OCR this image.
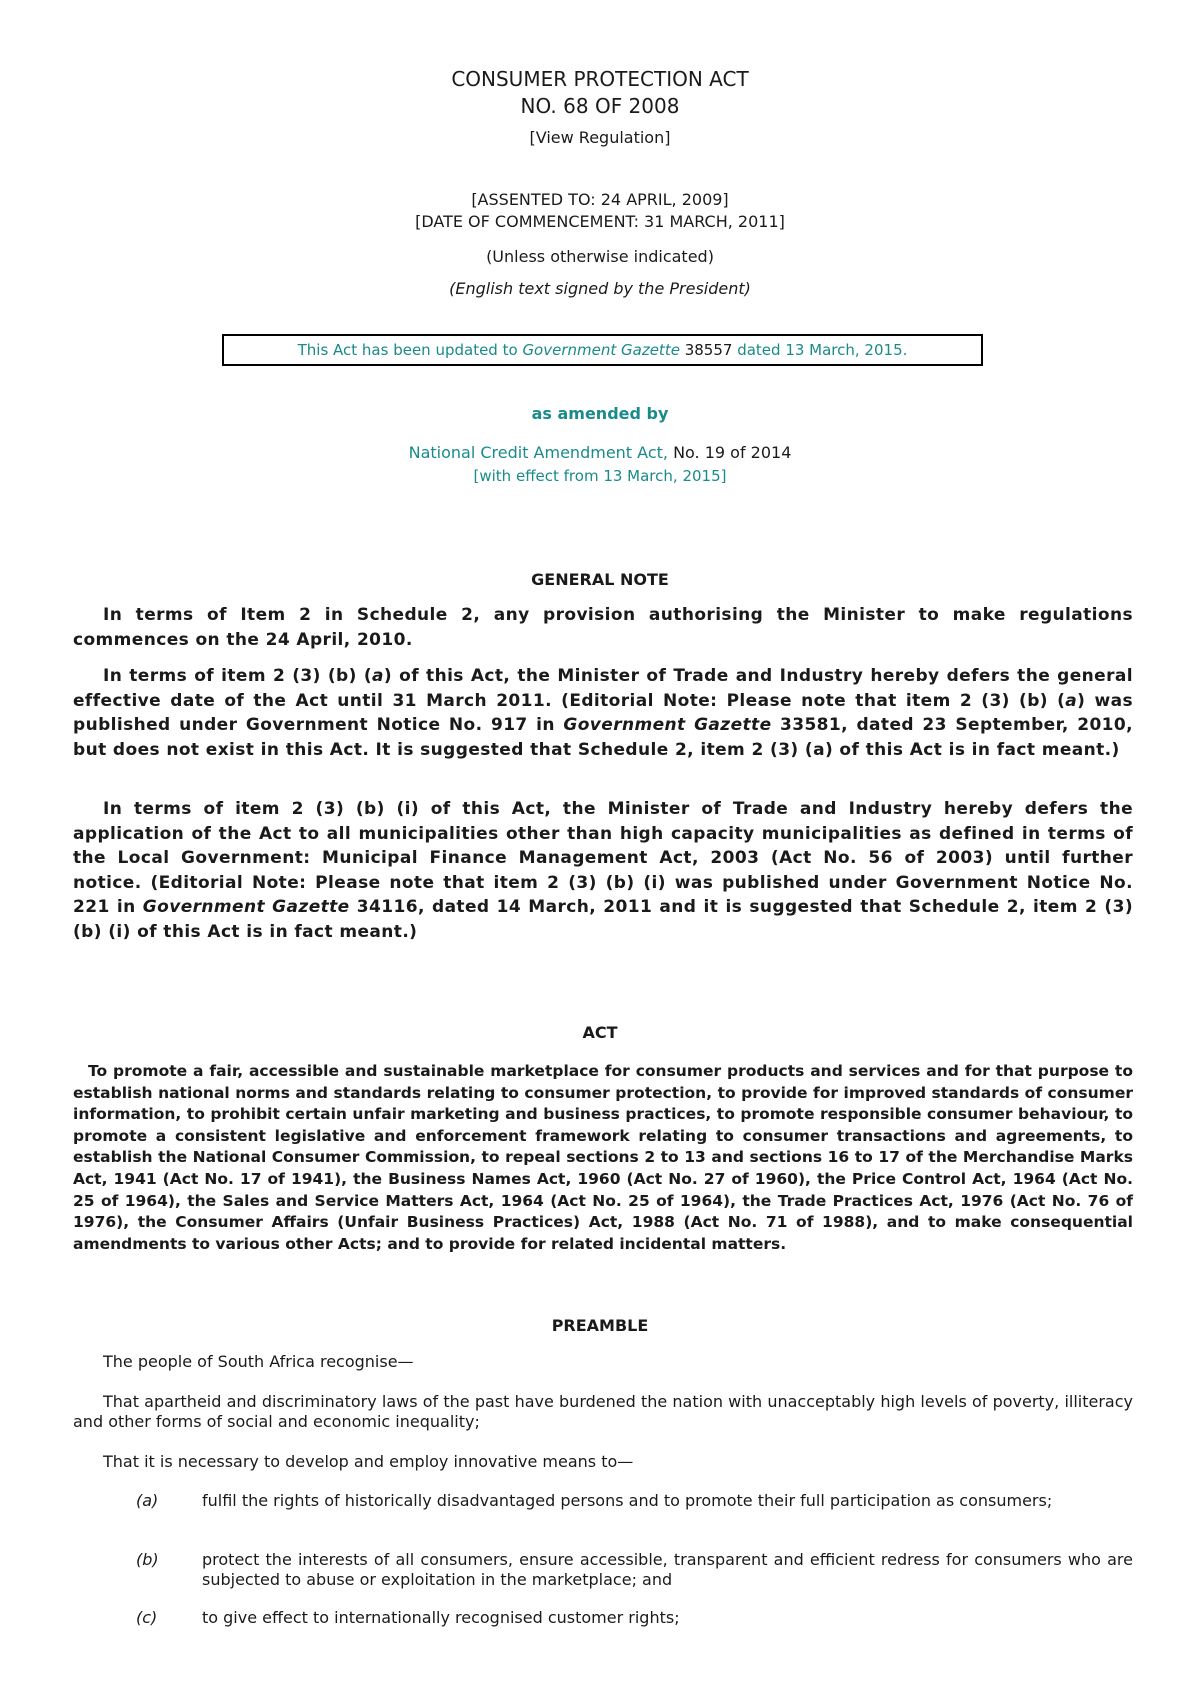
CONSUMER PROTECTION ACT
NO. 68 OF 2008
[View Regulation]
[ASSENTED TO: 24 APRIL, 2009]
[DATE OF COMMENCEMENT: 31 MARCH, 2011]
(Unless otherwise indicated)
(English text signed by the President)
This Act has been updated to Government Gazette 38557 dated 13 March, 2015.
as amended by
National Credit Amendment Act, No. 19 of 2014
[with effect from 13 March, 2015]
GENERAL NOTE
In terms of Item 2 in Schedule 2, any provision authorising the Minister to make regulations commences on the 24 April, 2010.
In terms of item 2 (3) (b) (a) of this Act, the Minister of Trade and Industry hereby defers the general effective date of the Act until 31 March 2011. (Editorial Note: Please note that item 2 (3) (b) (a) was published under Government Notice No. 917 in Government Gazette 33581, dated 23 September, 2010, but does not exist in this Act. It is suggested that Schedule 2, item 2 (3) (a) of this Act is in fact meant.)
In terms of item 2 (3) (b) (i) of this Act, the Minister of Trade and Industry hereby defers the application of the Act to all municipalities other than high capacity municipalities as defined in terms of the Local Government: Municipal Finance Management Act, 2003 (Act No. 56 of 2003) until further notice. (Editorial Note: Please note that item 2 (3) (b) (i) was published under Government Notice No. 221 in Government Gazette 34116, dated 14 March, 2011 and it is suggested that Schedule 2, item 2 (3) (b) (i) of this Act is in fact meant.)
ACT
To promote a fair, accessible and sustainable marketplace for consumer products and services and for that purpose to establish national norms and standards relating to consumer protection, to provide for improved standards of consumer information, to prohibit certain unfair marketing and business practices, to promote responsible consumer behaviour, to promote a consistent legislative and enforcement framework relating to consumer transactions and agreements, to establish the National Consumer Commission, to repeal sections 2 to 13 and sections 16 to 17 of the Merchandise Marks Act, 1941 (Act No. 17 of 1941), the Business Names Act, 1960 (Act No. 27 of 1960), the Price Control Act, 1964 (Act No. 25 of 1964), the Sales and Service Matters Act, 1964 (Act No. 25 of 1964), the Trade Practices Act, 1976 (Act No. 76 of 1976), the Consumer Affairs (Unfair Business Practices) Act, 1988 (Act No. 71 of 1988), and to make consequential amendments to various other Acts; and to provide for related incidental matters.
PREAMBLE
The people of South Africa recognise—
That apartheid and discriminatory laws of the past have burdened the nation with unacceptably high levels of poverty, illiteracy and other forms of social and economic inequality;
That it is necessary to develop and employ innovative means to—
(a)	fulfil the rights of historically disadvantaged persons and to promote their full participation as consumers;
(b)	protect the interests of all consumers, ensure accessible, transparent and efficient redress for consumers who are subjected to abuse or exploitation in the marketplace; and
(c)	to give effect to internationally recognised customer rights;
